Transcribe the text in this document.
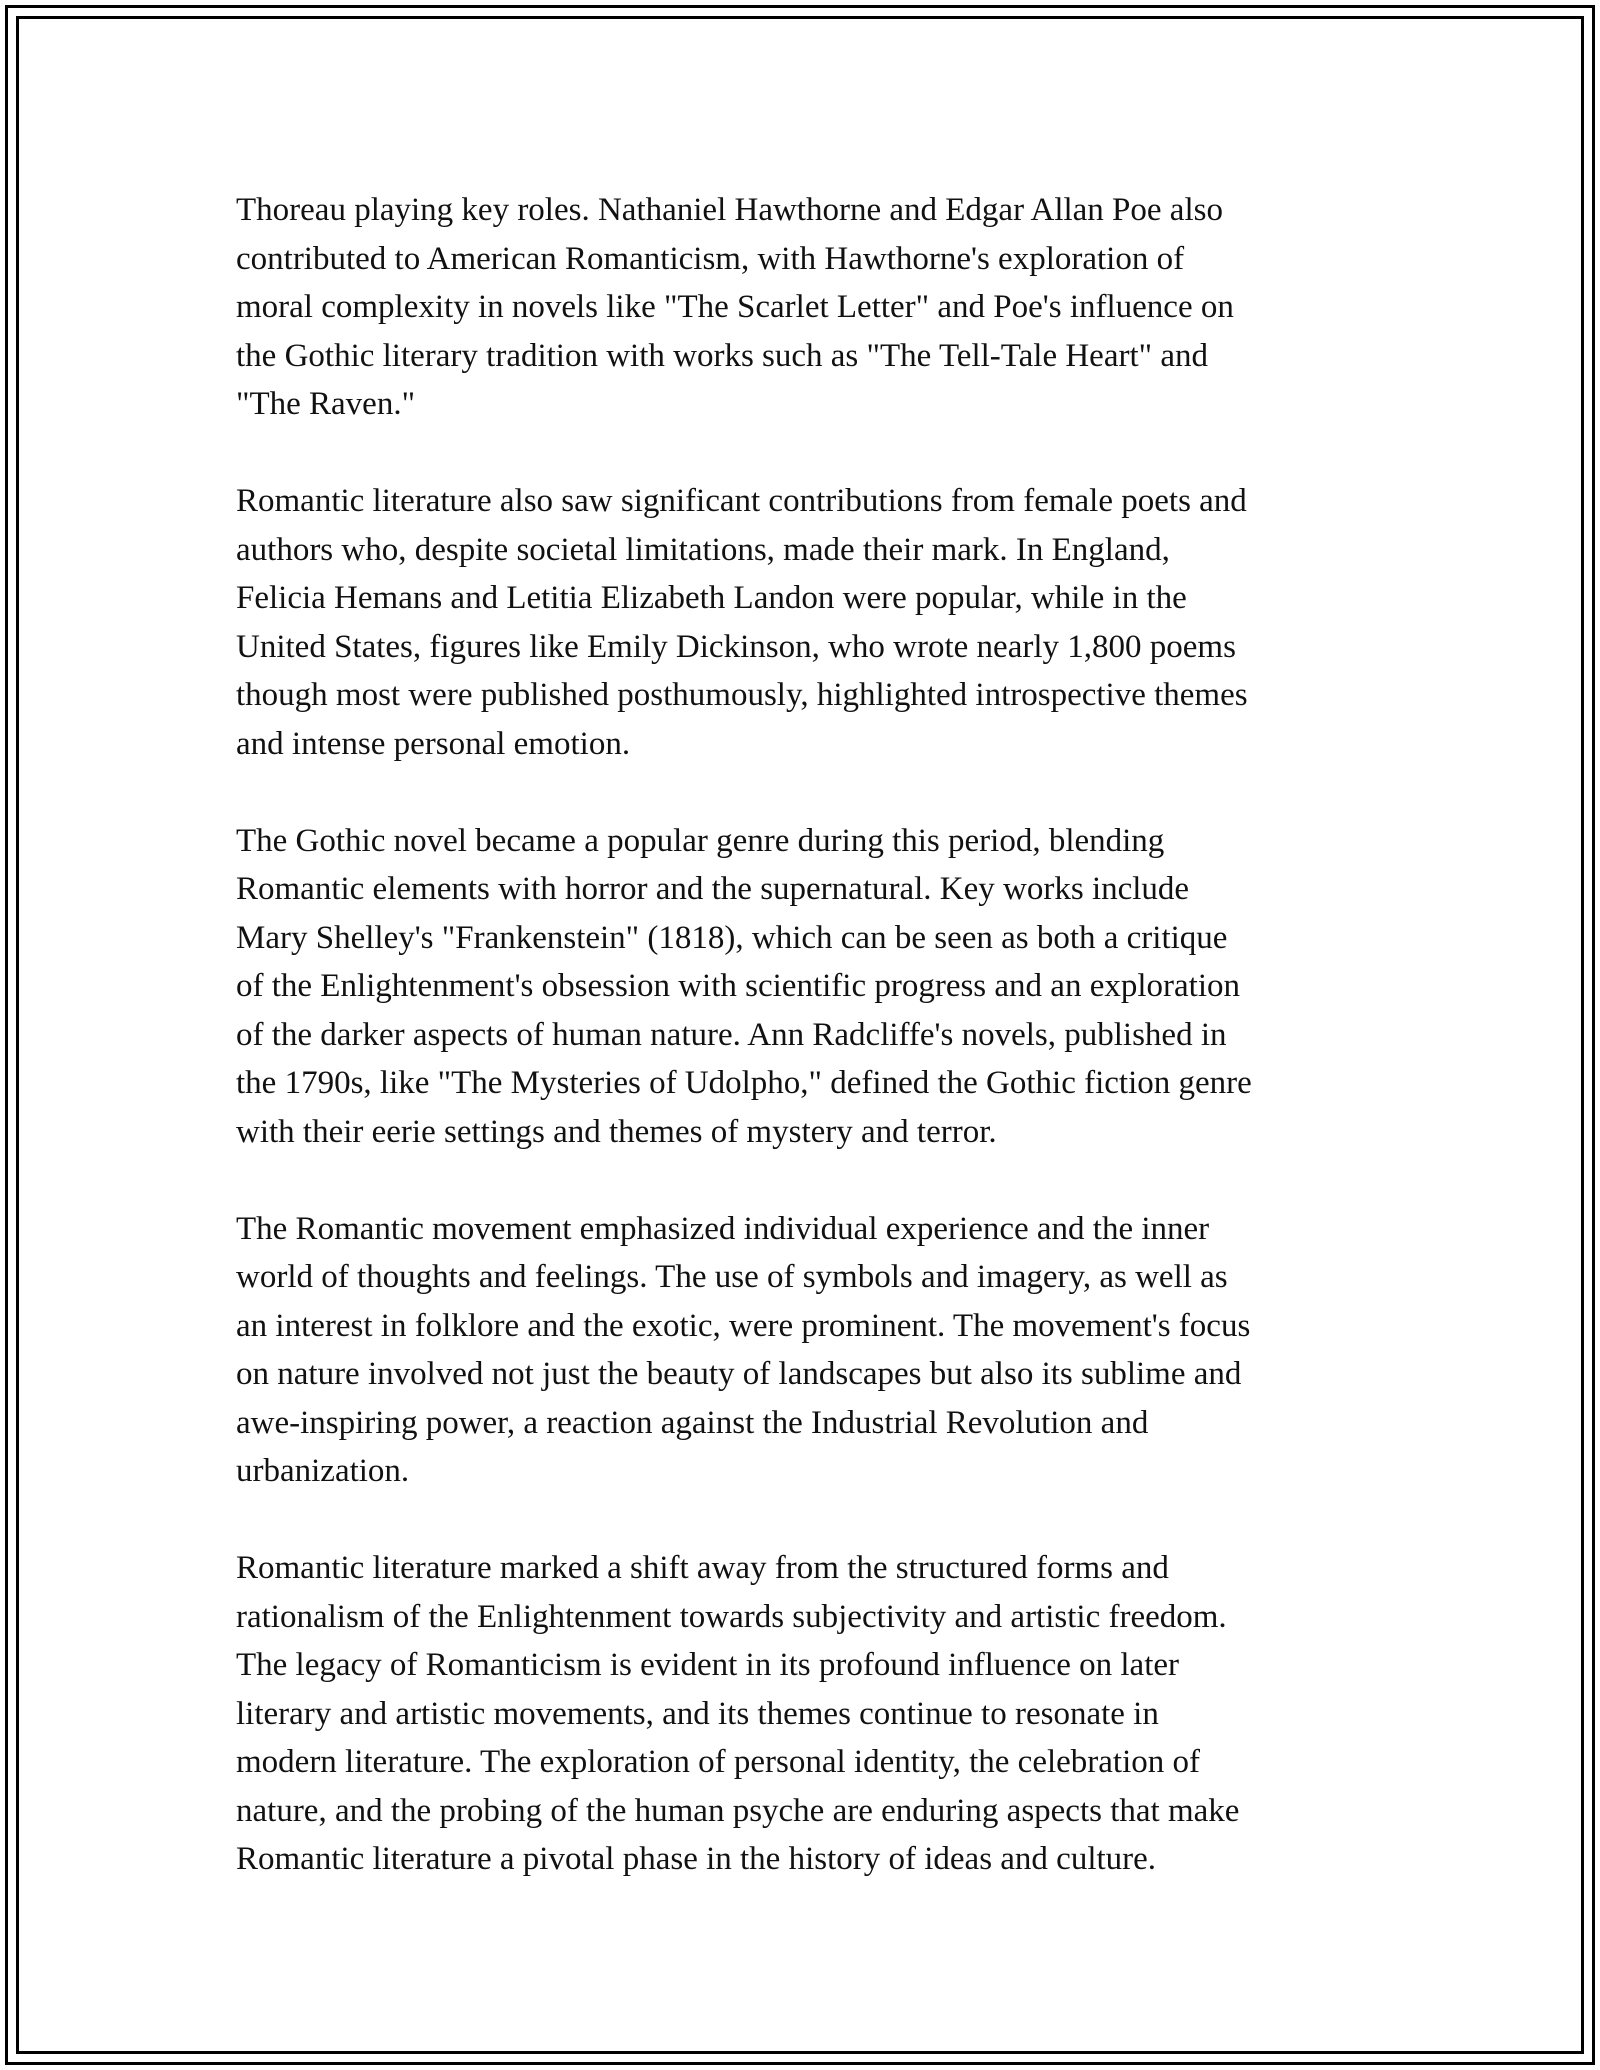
Thoreau playing key roles. Nathaniel Hawthorne and Edgar Allan Poe also
contributed to American Romanticism, with Hawthorne's exploration of
moral complexity in novels like "The Scarlet Letter" and Poe's influence on
the Gothic literary tradition with works such as "The Tell-Tale Heart" and
"The Raven."

Romantic literature also saw significant contributions from female poets and
authors who, despite societal limitations, made their mark. In England,
Felicia Hemans and Letitia Elizabeth Landon were popular, while in the
United States, figures like Emily Dickinson, who wrote nearly 1,800 poems
though most were published posthumously, highlighted introspective themes
and intense personal emotion.

The Gothic novel became a popular genre during this period, blending
Romantic elements with horror and the supernatural. Key works include
Mary Shelley's "Frankenstein" (1818), which can be seen as both a critique
of the Enlightenment's obsession with scientific progress and an exploration
of the darker aspects of human nature. Ann Radcliffe's novels, published in
the 1790s, like "The Mysteries of Udolpho," defined the Gothic fiction genre
with their eerie settings and themes of mystery and terror.

The Romantic movement emphasized individual experience and the inner
world of thoughts and feelings. The use of symbols and imagery, as well as
an interest in folklore and the exotic, were prominent. The movement's focus
on nature involved not just the beauty of landscapes but also its sublime and
awe-inspiring power, a reaction against the Industrial Revolution and
urbanization.

Romantic literature marked a shift away from the structured forms and
rationalism of the Enlightenment towards subjectivity and artistic freedom.
The legacy of Romanticism is evident in its profound influence on later
literary and artistic movements, and its themes continue to resonate in
modern literature. The exploration of personal identity, the celebration of
nature, and the probing of the human psyche are enduring aspects that make
Romantic literature a pivotal phase in the history of ideas and culture.
